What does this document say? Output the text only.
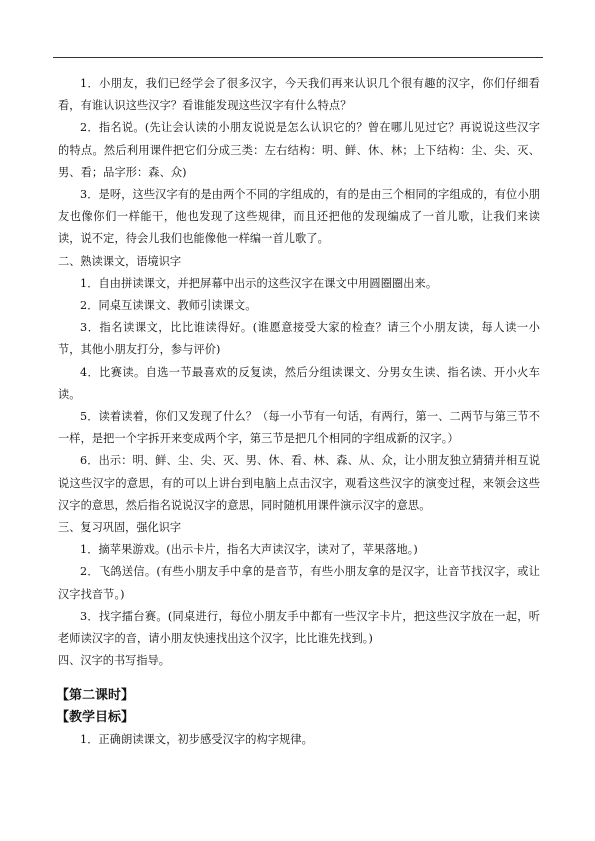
1．小朋友，我们已经学会了很多汉字，今天我们再来认识几个很有趣的汉字，你们仔细看看，有谁认识这些汉字？看谁能发现这些汉字有什么特点？

2．指名说。(先让会认读的小朋友说说是怎么认识它的？曾在哪儿见过它？再说说这些汉字的特点。然后利用课件把它们分成三类：左右结构：明、鲜、休、林；上下结构：尘、尖、灭、男、看；品字形：森、众)

3．是呀，这些汉字有的是由两个不同的字组成的，有的是由三个相同的字组成的，有位小朋友也像你们一样能干，他也发现了这些规律，而且还把他的发现编成了一首儿歌，让我们来读读，说不定，待会儿我们也能像他一样编一首儿歌了。

二、熟读课文，语境识字

1．自由拼读课文，并把屏幕中出示的这些汉字在课文中用圆圈圈出来。

2．同桌互读课文、教师引读课文。

3．指名读课文，比比谁读得好。(谁愿意接受大家的检查？请三个小朋友读，每人读一小节，其他小朋友打分，参与评价)

4．比赛读。自选一节最喜欢的反复读，然后分组读课文、分男女生读、指名读、开小火车读。

5．读着读着，你们又发现了什么？（每一小节有一句话，有两行，第一、二两节与第三节不一样，是把一个字拆开来变成两个字，第三节是把几个相同的字组成新的汉字。）

6．出示：明、鲜、尘、尖、灭、男、休、看、林、森、从、众，让小朋友独立猜猜并相互说说这些汉字的意思，有的可以上讲台到电脑上点击汉字，观看这些汉字的演变过程，来领会这些汉字的意思，然后指名说说汉字的意思，同时随机用课件演示汉字的意思。

三、复习巩固，强化识字

1．摘苹果游戏。(出示卡片，指名大声读汉字，读对了，苹果落地。)

2．飞鸽送信。(有些小朋友手中拿的是音节，有些小朋友拿的是汉字，让音节找汉字，或让汉字找音节。)

3．找字擂台赛。(同桌进行，每位小朋友手中都有一些汉字卡片，把这些汉字放在一起，听老师读汉字的音，请小朋友快速找出这个汉字，比比谁先找到。)

四、汉字的书写指导。

【第二课时】

【教学目标】

1．正确朗读课文，初步感受汉字的构字规律。
